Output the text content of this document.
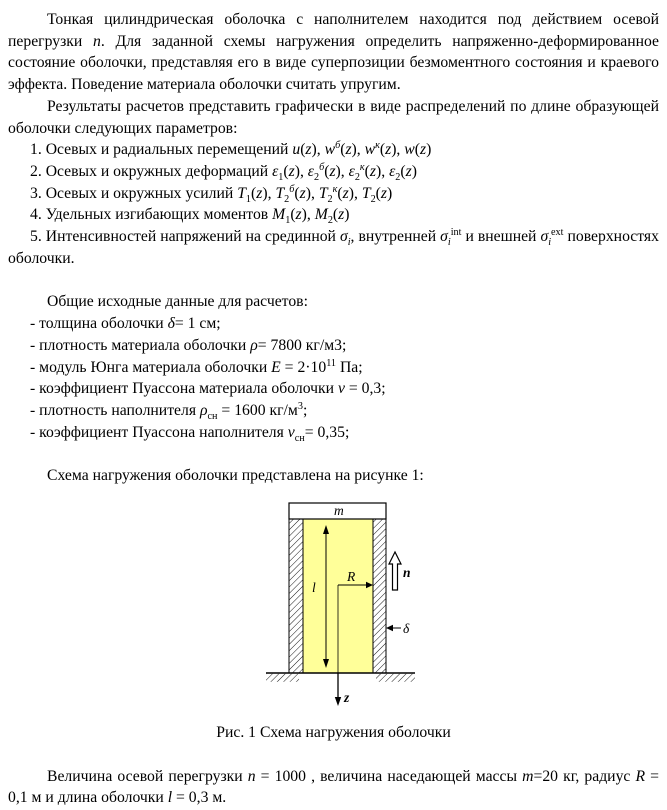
Тонкая цилиндрическая оболочка с наполнителем находится под действием осевой перегрузки n. Для заданной схемы нагружения определить напряженно-деформированное состояние оболочки, представляя его в виде суперпозиции безмоментного состояния и краевого эффекта. Поведение материала оболочки считать упругим.

Результаты расчетов представить графически в виде распределений по длине образующей оболочки следующих параметров:

1. Осевых и радиальных перемещений u(z), $w^б(z)$, $w^к(z)$, w(z)

2. Осевых и окружных деформаций $\varepsilon_1(z)$, $\varepsilon_2^б(z)$, $\varepsilon_2^к(z)$, $\varepsilon_2(z)$

3. Осевых и окружных усилий $T_1(z)$, $T_2^б(z)$, $T_2^к(z)$, $T_2(z)$

4. Удельных изгибающих моментов $M_1(z)$, $M_2(z)$

5. Интенсивностей напряжений на срединной $\sigma_i$, внутренней $\sigma_i^{int}$ и внешней $\sigma_i^{ext}$ поверхностях оболочки.

Общие исходные данные для расчетов:

- толщина оболочки δ= 1 см;

- плотность материала оболочки ρ= 7800 кг/м3;

- модуль Юнга материала оболочки $E = 2\cdot 10^{11}$ Па;

- коэффициент Пуассона материала оболочки ν = 0,3;

- плотность наполнителя $\rho_{сн} = 1600$ $кг/м^3$;

- коэффициент Пуассона наполнителя $\nu_{сн}= 0,35$;

Схема нагружения оболочки представлена на рисунке 1:

m
l
R
z
n
δ

Рис. 1 Схема нагружения оболочки

Величина осевой перегрузки n = 1000 , величина наседающей массы m=20 кг, радиус R = 0,1 м и длина оболочки l = 0,3 м.
